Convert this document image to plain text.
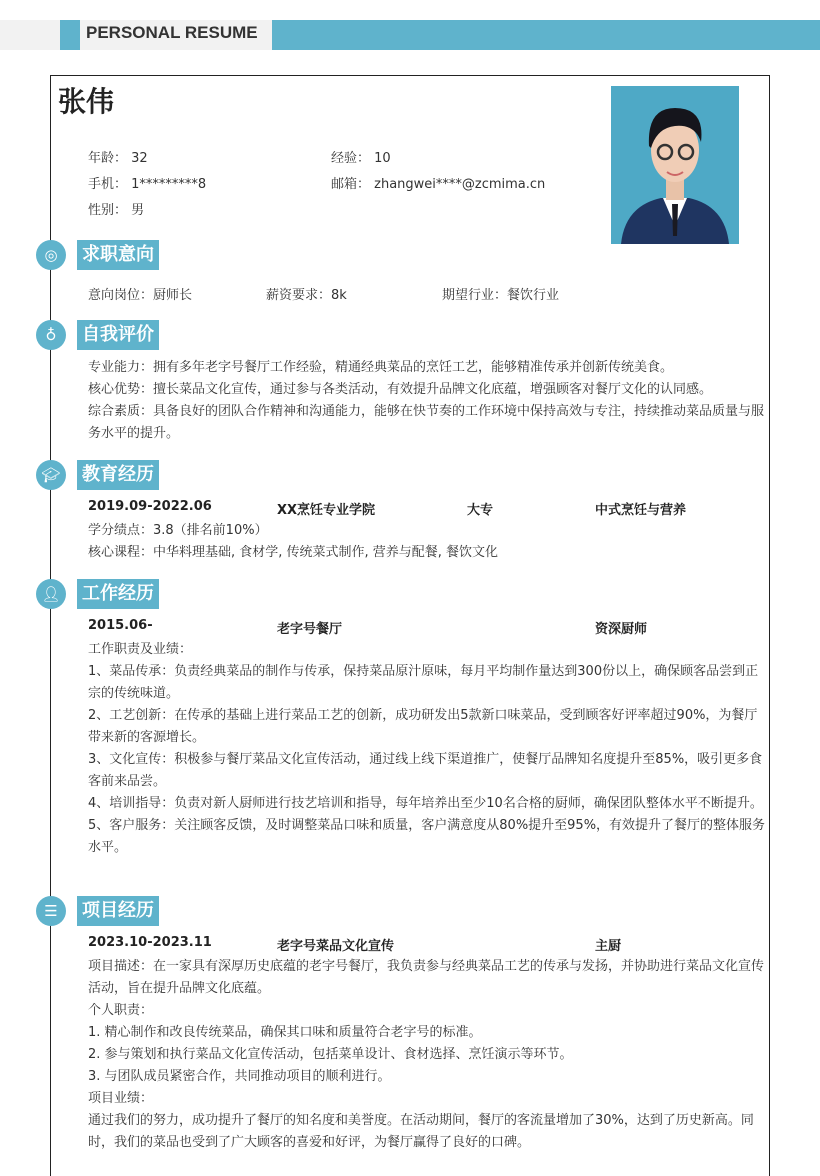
PERSONAL RESUME
张伟
年龄： 32	经验： 10
手机： 1*********8	邮箱： zhangwei****@zcmima.cn
性别： 男
◎	求职意向
意向岗位：厨师长	薪资要求：8k	期望行业：餐饮行业
♁	自我评价
专业能力：拥有多年老字号餐厅工作经验，精通经典菜品的烹饪工艺，能够精准传承并创新传统美食。
核心优势：擅长菜品文化宣传，通过参与各类活动，有效提升品牌文化底蕴，增强顾客对餐厅文化的认同感。
综合素质：具备良好的团队合作精神和沟通能力，能够在快节奏的工作环境中保持高效与专注，持续推动菜品质量与服务水平的提升。
🎓︎	教育经历
2019.09-2022.06	XX烹饪专业学院	大专	中式烹饪与营养
学分绩点：3.8（排名前10%）
核心课程：中华料理基础, 食材学, 传统菜式制作, 营养与配餐, 餐饮文化
👤︎	工作经历
2015.06-	老字号餐厅	资深厨师
工作职责及业绩：
1、菜品传承：负责经典菜品的制作与传承，保持菜品原汁原味，每月平均制作量达到300份以上，确保顾客品尝到正宗的传统味道。
2、工艺创新：在传承的基础上进行菜品工艺的创新，成功研发出5款新口味菜品，受到顾客好评率超过90%，为餐厅带来新的客源增长。
3、文化宣传：积极参与餐厅菜品文化宣传活动，通过线上线下渠道推广，使餐厅品牌知名度提升至85%，吸引更多食客前来品尝。
4、培训指导：负责对新人厨师进行技艺培训和指导，每年培养出至少10名合格的厨师，确保团队整体水平不断提升。
5、客户服务：关注顾客反馈，及时调整菜品口味和质量，客户满意度从80%提升至95%，有效提升了餐厅的整体服务水平。
☰	项目经历
2023.10-2023.11	老字号菜品文化宣传	主厨
项目描述：在一家具有深厚历史底蕴的老字号餐厅，我负责参与经典菜品工艺的传承与发扬，并协助进行菜品文化宣传活动，旨在提升品牌文化底蕴。
个人职责：
1. 精心制作和改良传统菜品，确保其口味和质量符合老字号的标准。
2. 参与策划和执行菜品文化宣传活动，包括菜单设计、食材选择、烹饪演示等环节。
3. 与团队成员紧密合作，共同推动项目的顺利进行。
项目业绩：
通过我们的努力，成功提升了餐厅的知名度和美誉度。在活动期间，餐厅的客流量增加了30%，达到了历史新高。同时，我们的菜品也受到了广大顾客的喜爱和好评，为餐厅赢得了良好的口碑。
